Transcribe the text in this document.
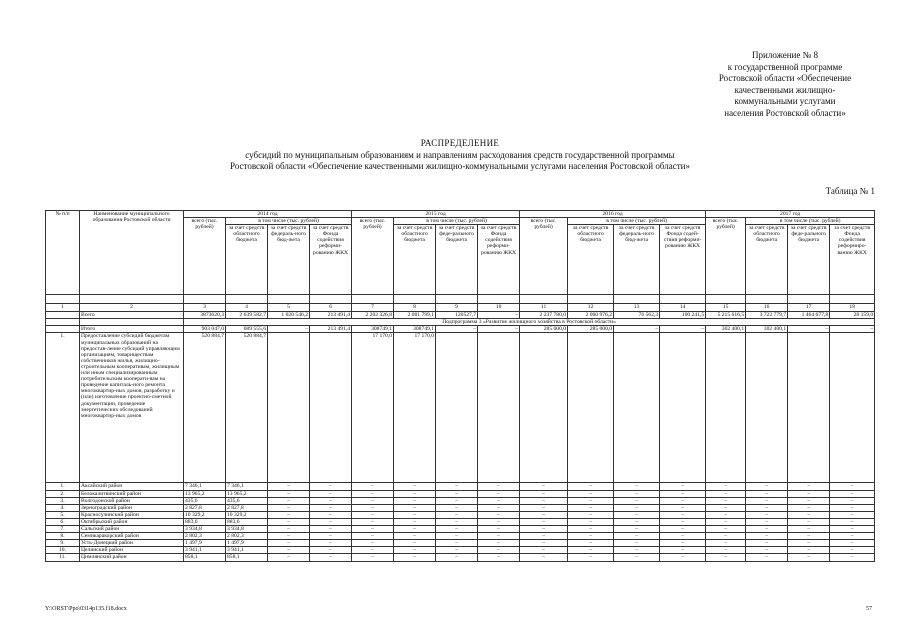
Приложение № 8
к государственной программе
Ростовской области «Обеспечение
качественными жилищно-
коммунальными услугами
населения Ростовской области»
РАСПРЕДЕЛЕНИЕ
субсидий по муниципальным образованиям и направлениям расходования средств государственной программы
Ростовской области «Обеспечение качественными жилищно-коммунальными услугами населения Ростовской области»
Таблица № 1
№ п/п	Наименование муниципального образования Ростовской области	2014 год				2015 год				2016 год				2017 год			
		всего (тыс. рублей)	в том числе (тыс. рублей)			всего (тыс. рублей)	в том числе (тыс. рублей)			всего (тыс. рублей)	в том числе (тыс. рублей)			всего (тыс. рублей)	в том числе (тыс. рублей)		
			за счет средств областного бюджета	за счет средств федераль-ного бюд-жета	за счет средств Фонда содействия реформи-рованию ЖКХ		за счет средств областного бюджета	за счет средств феде-рального бюджета	за счет средств Фонда содействия реформи-рованию ЖКХ		за счет средств областного бюджета	за счет средств федераль-ного бюд-жета	за счет средств Фонда содей-ствия реформи-рованию ЖКХ		за счет средств областного бюджета	за счет средств феде-рального бюджета	за счет средств Фонда содействия реформиро-ванию ЖКХ

1	2	3	4	5	6	7	8	9	10	11	12	13	14	15	16	17	18
	Всего	3873620,3	2 639 582,7	1 020 546,2	213 491,4	2 202 326,8	2 081 799,1	120527,7	–	2 237 780,0	2 060 976,2	76 562,3	100 241,5	5 215 616,5	3 722 779,7	1 464 677,8	28 159,0
		Подпрограмма 3 «Развитие жилищного хозяйства в Ростовской области»															
	Итого	903 047,0	689 555,6	–	213 491,4	308749,1	308749,1	–	–	285 000,0	285 000,0	–	–	302 400,1	302 400,1	–	–
1.	Предоставление субсидий бюджетам муниципальных образований на предостав-ление субсидий управляющим организациям, товариществам собственников жилья, жилищно-строительным кооперативам, жилищным или иным специализированным потребительским кооперати-вам на проведение капиталь-ного ремонта многоквартир-ных домов, разработку и (или) изготовление проектно-сметной документации, проведение энергетических обследований многоквартир-ных домов	520 884,7	520 884,7			17 170,0	17 170,0										
1.	Аксайский район	7 346,1	7 346,1	–	–	–	–	–	–	–	–	–	–	–	–	–	–
2.	Белокалитвинский район	13 965,2	13 965,2	–	–	–	–	–	–	–	–	–	–	–	–	–	–
3.	Волгодонской район	435,6	435,6	–	–	–	–	–	–	–	–	–	–	–	–	–	–
4.	Зерноградский район	2 827,8	2 827,8	–	–	–	–	–	–	–	–	–	–	–	–	–	–
5.	Красносулинский район	10 329,2	10 329,2	–	–	–	–	–	–	–	–	–	–	–	–	–	–
6.	Октябрьский район	883,6	883,6	–	–	–	–	–	–	–	–	–	–	–	–	–	–
7.	Сальский район	3 934,8	3 934,8	–	–	–	–	–	–	–	–	–	–	–	–	–	–
8.	Семикаракорский район	2 802,3	2 802,3	–	–	–	–	–	–	–	–	–	–	–	–	–	–
9.	Усть-Донецкий район	1 497,9	1 497,9	–	–	–	–	–	–	–	–	–	–	–	–	–	–
10.	Целинский район	3 941,1	3 941,1	–	–	–	–	–	–	–	–	–	–	–	–	–	–
11.	Цимлянский район	858,1	858,1	–	–	–	–	–	–	–	–	–	–	–	–	–	–
Y:\ORST\Ppo\0314p135.f18.docx	57
